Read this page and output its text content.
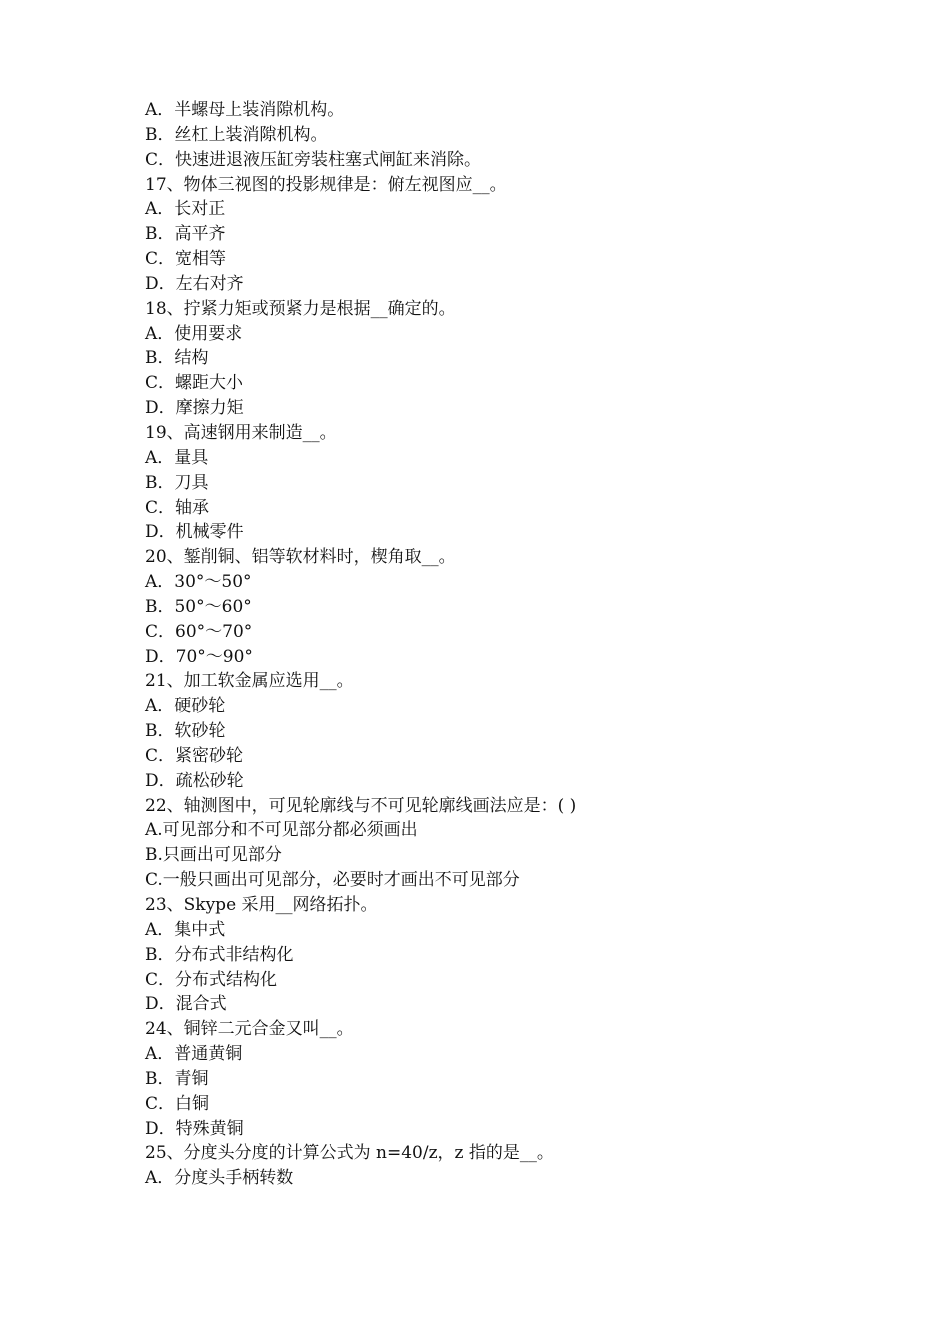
A．半螺母上装消隙机构。
B．丝杠上装消隙机构。
C．快速进退液压缸旁装柱塞式闸缸来消除。
17、物体三视图的投影规律是：俯左视图应__。
A．长对正
B．高平齐
C．宽相等
D．左右对齐
18、拧紧力矩或预紧力是根据__确定的。
A．使用要求
B．结构
C．螺距大小
D．摩擦力矩
19、高速钢用来制造__。
A．量具
B．刀具
C．轴承
D．机械零件
20、錾削铜、铝等软材料时，楔角取__。
A．30°～50°
B．50°～60°
C．60°～70°
D．70°～90°
21、加工软金属应选用__。
A．硬砂轮
B．软砂轮
C．紧密砂轮
D．疏松砂轮
22、轴测图中，可见轮廓线与不可见轮廓线画法应是：( )
A.可见部分和不可见部分都必须画出
B.只画出可见部分
C.一般只画出可见部分，必要时才画出不可见部分
23、Skype 采用__网络拓扑。
A．集中式
B．分布式非结构化
C．分布式结构化
D．混合式
24、铜锌二元合金又叫__。
A．普通黄铜
B．青铜
C．白铜
D．特殊黄铜
25、分度头分度的计算公式为 n=40/z，z 指的是__。
A．分度头手柄转数
